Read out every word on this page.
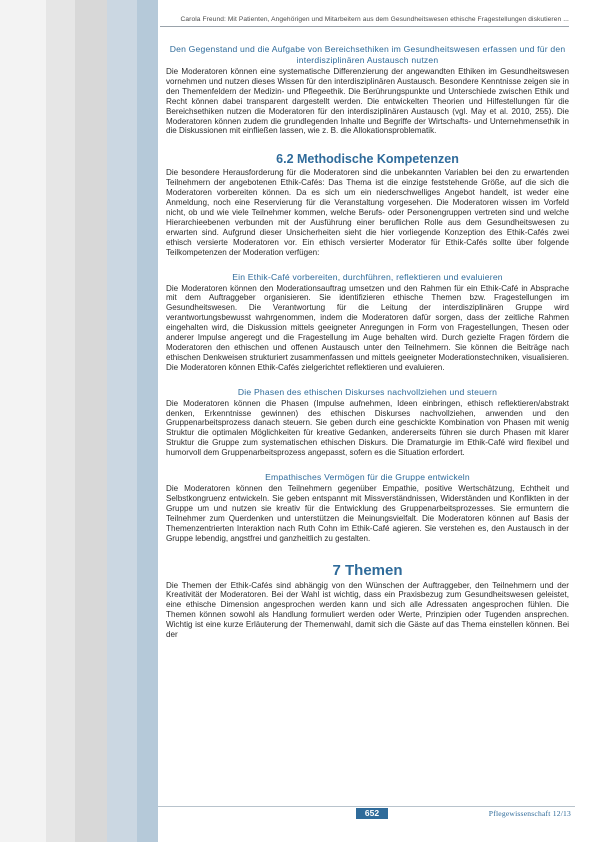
Carola Freund: Mit Patienten, Angehörigen und Mitarbeitern aus dem Gesundheitswesen ethische Fragestellungen diskutieren ...
Den Gegenstand und die Aufgabe von Bereichsethiken im Gesundheitswesen erfassen und für den interdisziplinären Austausch nutzen

Die Moderatoren können eine systematische Differenzierung der angewandten Ethiken im Gesundheitswesen vornehmen und nutzen dieses Wissen für den interdisziplinären Austausch. Besondere Kenntnisse zeigen sie in den Themenfeldern der Medizin- und Pflegeethik. Die Berührungspunkte und Unterschiede zwischen Ethik und Recht können dabei transparent dargestellt werden. Die entwickelten Theorien und Hilfestellungen für die Bereichsethiken nutzen die Moderatoren für den interdisziplinären Austausch (vgl. May et al. 2010, 255). Die Moderatoren können zudem die grundlegenden Inhalte und Begriffe der Wirtschafts- und Unternehmensethik in die Diskussionen mit einfließen lassen, wie z. B. die Allokationsproblematik.

6.2 Methodische Kompetenzen

Die besondere Herausforderung für die Moderatoren sind die unbekannten Variablen bei den zu erwartenden Teilnehmern der angebotenen Ethik-Cafés: Das Thema ist die einzige feststehende Größe, auf die sich die Moderatoren vorbereiten können. Da es sich um ein niederschwelliges Angebot handelt, ist weder eine Anmeldung, noch eine Reservierung für die Veranstaltung vorgesehen. Die Moderatoren wissen im Vorfeld nicht, ob und wie viele Teilnehmer kommen, welche Berufs- oder Personengruppen vertreten sind und welche Hierarchieebenen verbunden mit der Ausführung einer beruflichen Rolle aus dem Gesundheitswesen zu erwarten sind. Aufgrund dieser Unsicherheiten sieht die hier vorliegende Konzeption des Ethik-Cafés zwei ethisch versierte Moderatoren vor. Ein ethisch versierter Moderator für Ethik-Cafés sollte über folgende Teilkompetenzen der Moderation verfügen:

Ein Ethik-Café vorbereiten, durchführen, reflektieren und evaluieren

Die Moderatoren können den Moderationsauftrag umsetzen und den Rahmen für ein Ethik-Café in Absprache mit dem Auftraggeber organisieren. Sie identifizieren ethische Themen bzw. Fragestellungen im Gesundheitswesen. Die Verantwortung für die Leitung der interdisziplinären Gruppe wird verantwortungsbewusst wahrgenommen, indem die Moderatoren dafür sorgen, dass der zeitliche Rahmen eingehalten wird, die Diskussion mittels geeigneter Anregungen in Form von Fragestellungen, Thesen oder anderer Impulse angeregt und die Fragestellung im Auge behalten wird. Durch gezielte Fragen fördern die Moderatoren den ethischen und offenen Austausch unter den Teilnehmern. Sie können die Beiträge nach ethischen Denkweisen strukturiert zusammenfassen und mittels geeigneter Moderationstechniken, visualisieren. Die Moderatoren können Ethik-Cafés zielgerichtet reflektieren und evaluieren.

Die Phasen des ethischen Diskurses nachvollziehen und steuern

Die Moderatoren können die Phasen (Impulse aufnehmen, Ideen einbringen, ethisch reflektieren/abstrakt denken, Erkenntnisse gewinnen) des ethischen Diskurses nachvollziehen, anwenden und den Gruppenarbeitsprozess danach steuern. Sie geben durch eine geschickte Kombination von Phasen mit wenig Struktur die optimalen Möglichkeiten für kreative Gedanken, andererseits führen sie durch Phasen mit klarer Struktur die Gruppe zum systematischen ethischen Diskurs. Die Dramaturgie im Ethik-Café wird flexibel und humorvoll dem Gruppenarbeitsprozess angepasst, sofern es die Situation erfordert.

Empathisches Vermögen für die Gruppe entwickeln

Die Moderatoren können den Teilnehmern gegenüber Empathie, positive Wertschätzung, Echtheit und Selbstkongruenz entwickeln. Sie geben entspannt mit Missverständnissen, Widerständen und Konflikten in der Gruppe um und nutzen sie kreativ für die Entwicklung des Gruppenarbeitsprozesses. Sie ermuntern die Teilnehmer zum Querdenken und unterstützen die Meinungsvielfalt. Die Moderatoren können auf Basis der Themenzentrierten Interaktion nach Ruth Cohn im Ethik-Café agieren. Sie verstehen es, den Austausch in der Gruppe lebendig, angstfrei und ganzheitlich zu gestalten.

7 Themen

Die Themen der Ethik-Cafés sind abhängig von den Wünschen der Auftraggeber, den Teilnehmern und der Kreativität der Moderatoren. Bei der Wahl ist wichtig, dass ein Praxisbezug zum Gesundheitswesen geleistet, eine ethische Dimension angesprochen werden kann und sich alle Adressaten angesprochen fühlen. Die Themen können sowohl als Handlung formuliert werden oder Werte, Prinzipien oder Tugenden ansprechen. Wichtig ist eine kurze Erläuterung der Themenwahl, damit sich die Gäste auf das Thema einstellen können. Bei der

652	Pflegewissenschaft 12/13
